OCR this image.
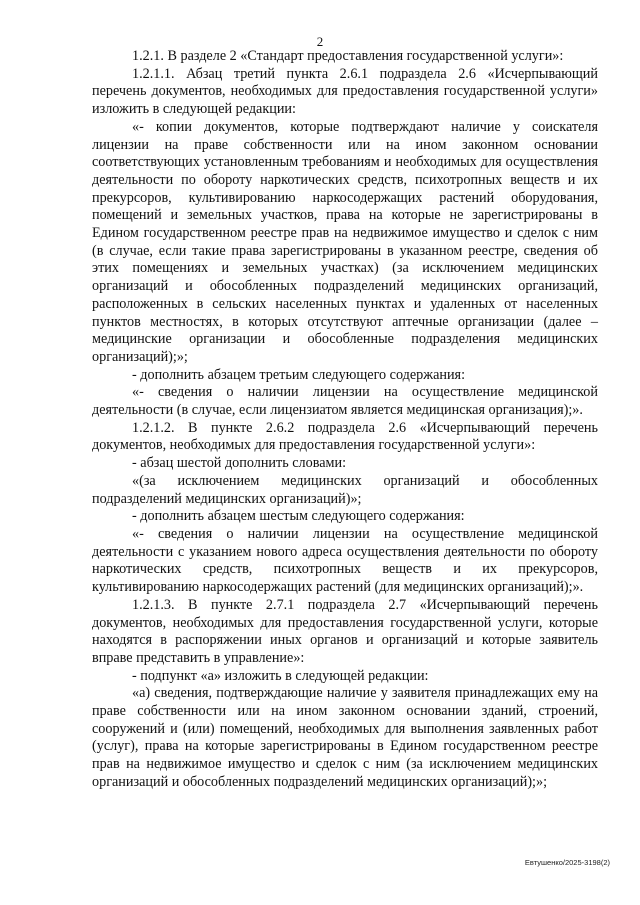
2

1.2.1. В разделе 2 «Стандарт предоставления государственной услуги»:

1.2.1.1. Абзац третий пункта 2.6.1 подраздела 2.6 «Исчерпывающий перечень документов, необходимых для предоставления государственной услуги» изложить в следующей редакции:

«- копии документов, которые подтверждают наличие у соискателя лицензии на праве собственности или на ином законном основании соответствующих установленным требованиям и необходимых для осуществления деятельности по обороту наркотических средств, психотропных веществ и их прекурсоров, культивированию наркосодержащих растений оборудования, помещений и земельных участков, права на которые не зарегистрированы в Едином государственном реестре прав на недвижимое имущество и сделок с ним (в случае, если такие права зарегистрированы в указанном реестре, сведения об этих помещениях и земельных участках) (за исключением медицинских организаций и обособленных подразделений медицинских организаций, расположенных в сельских населенных пунктах и удаленных от населенных пунктов местностях, в которых отсутствуют аптечные организации (далее – медицинские организации и обособленные подразделения медицинских организаций);»;

- дополнить абзацем третьим следующего содержания:

«- сведения о наличии лицензии на осуществление медицинской деятельности (в случае, если лицензиатом является медицинская организация);».

1.2.1.2. В пункте 2.6.2 подраздела 2.6 «Исчерпывающий перечень документов, необходимых для предоставления государственной услуги»:

- абзац шестой дополнить словами:

«(за исключением медицинских организаций и обособленных подразделений медицинских организаций)»;

- дополнить абзацем шестым следующего содержания:

«- сведения о наличии лицензии на осуществление медицинской деятельности с указанием нового адреса осуществления деятельности по обороту наркотических средств, психотропных веществ и их прекурсоров, культивированию наркосодержащих растений (для медицинских организаций);».

1.2.1.3. В пункте 2.7.1 подраздела 2.7 «Исчерпывающий перечень документов, необходимых для предоставления государственной услуги, которые находятся в распоряжении иных органов и организаций и которые заявитель вправе представить в управление»:

- подпункт «а» изложить в следующей редакции:

«а) сведения, подтверждающие наличие у заявителя принадлежащих ему на праве собственности или на ином законном основании зданий, строений, сооружений и (или) помещений, необходимых для выполнения заявленных работ (услуг), права на которые зарегистрированы в Едином государственном реестре прав на недвижимое имущество и сделок с ним (за исключением медицинских организаций и обособленных подразделений медицинских организаций);»;

Евтушенко/2025-3198(2)
